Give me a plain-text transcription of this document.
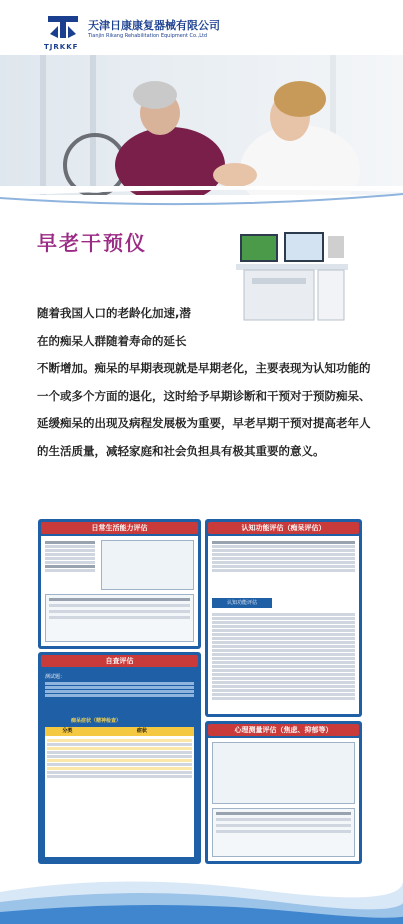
TJRKKF
天津日康康复器械有限公司
Tianjin Rikang Rehabilitation Equipment Co.,Ltd
早老干预仪
随着我国人口的老龄化加速,潜
在的痴呆人群随着寿命的延长
不断增加。痴呆的早期表现就是早期老化，主要表现为认知功能的一个或多个方面的退化，这时给予早期诊断和干预对于预防痴呆、延缓痴呆的出现及病程发展极为重要，早老早期干预对提高老年人的生活质量，减轻家庭和社会负担具有极其重要的意义。
日常生活能力评估	认知功能评估（痴呆评估）
认知功能评估
自查评估
测试题：
痴呆症状（精神检查）
分类	症状	心理测量评估（焦虑、抑郁等）
